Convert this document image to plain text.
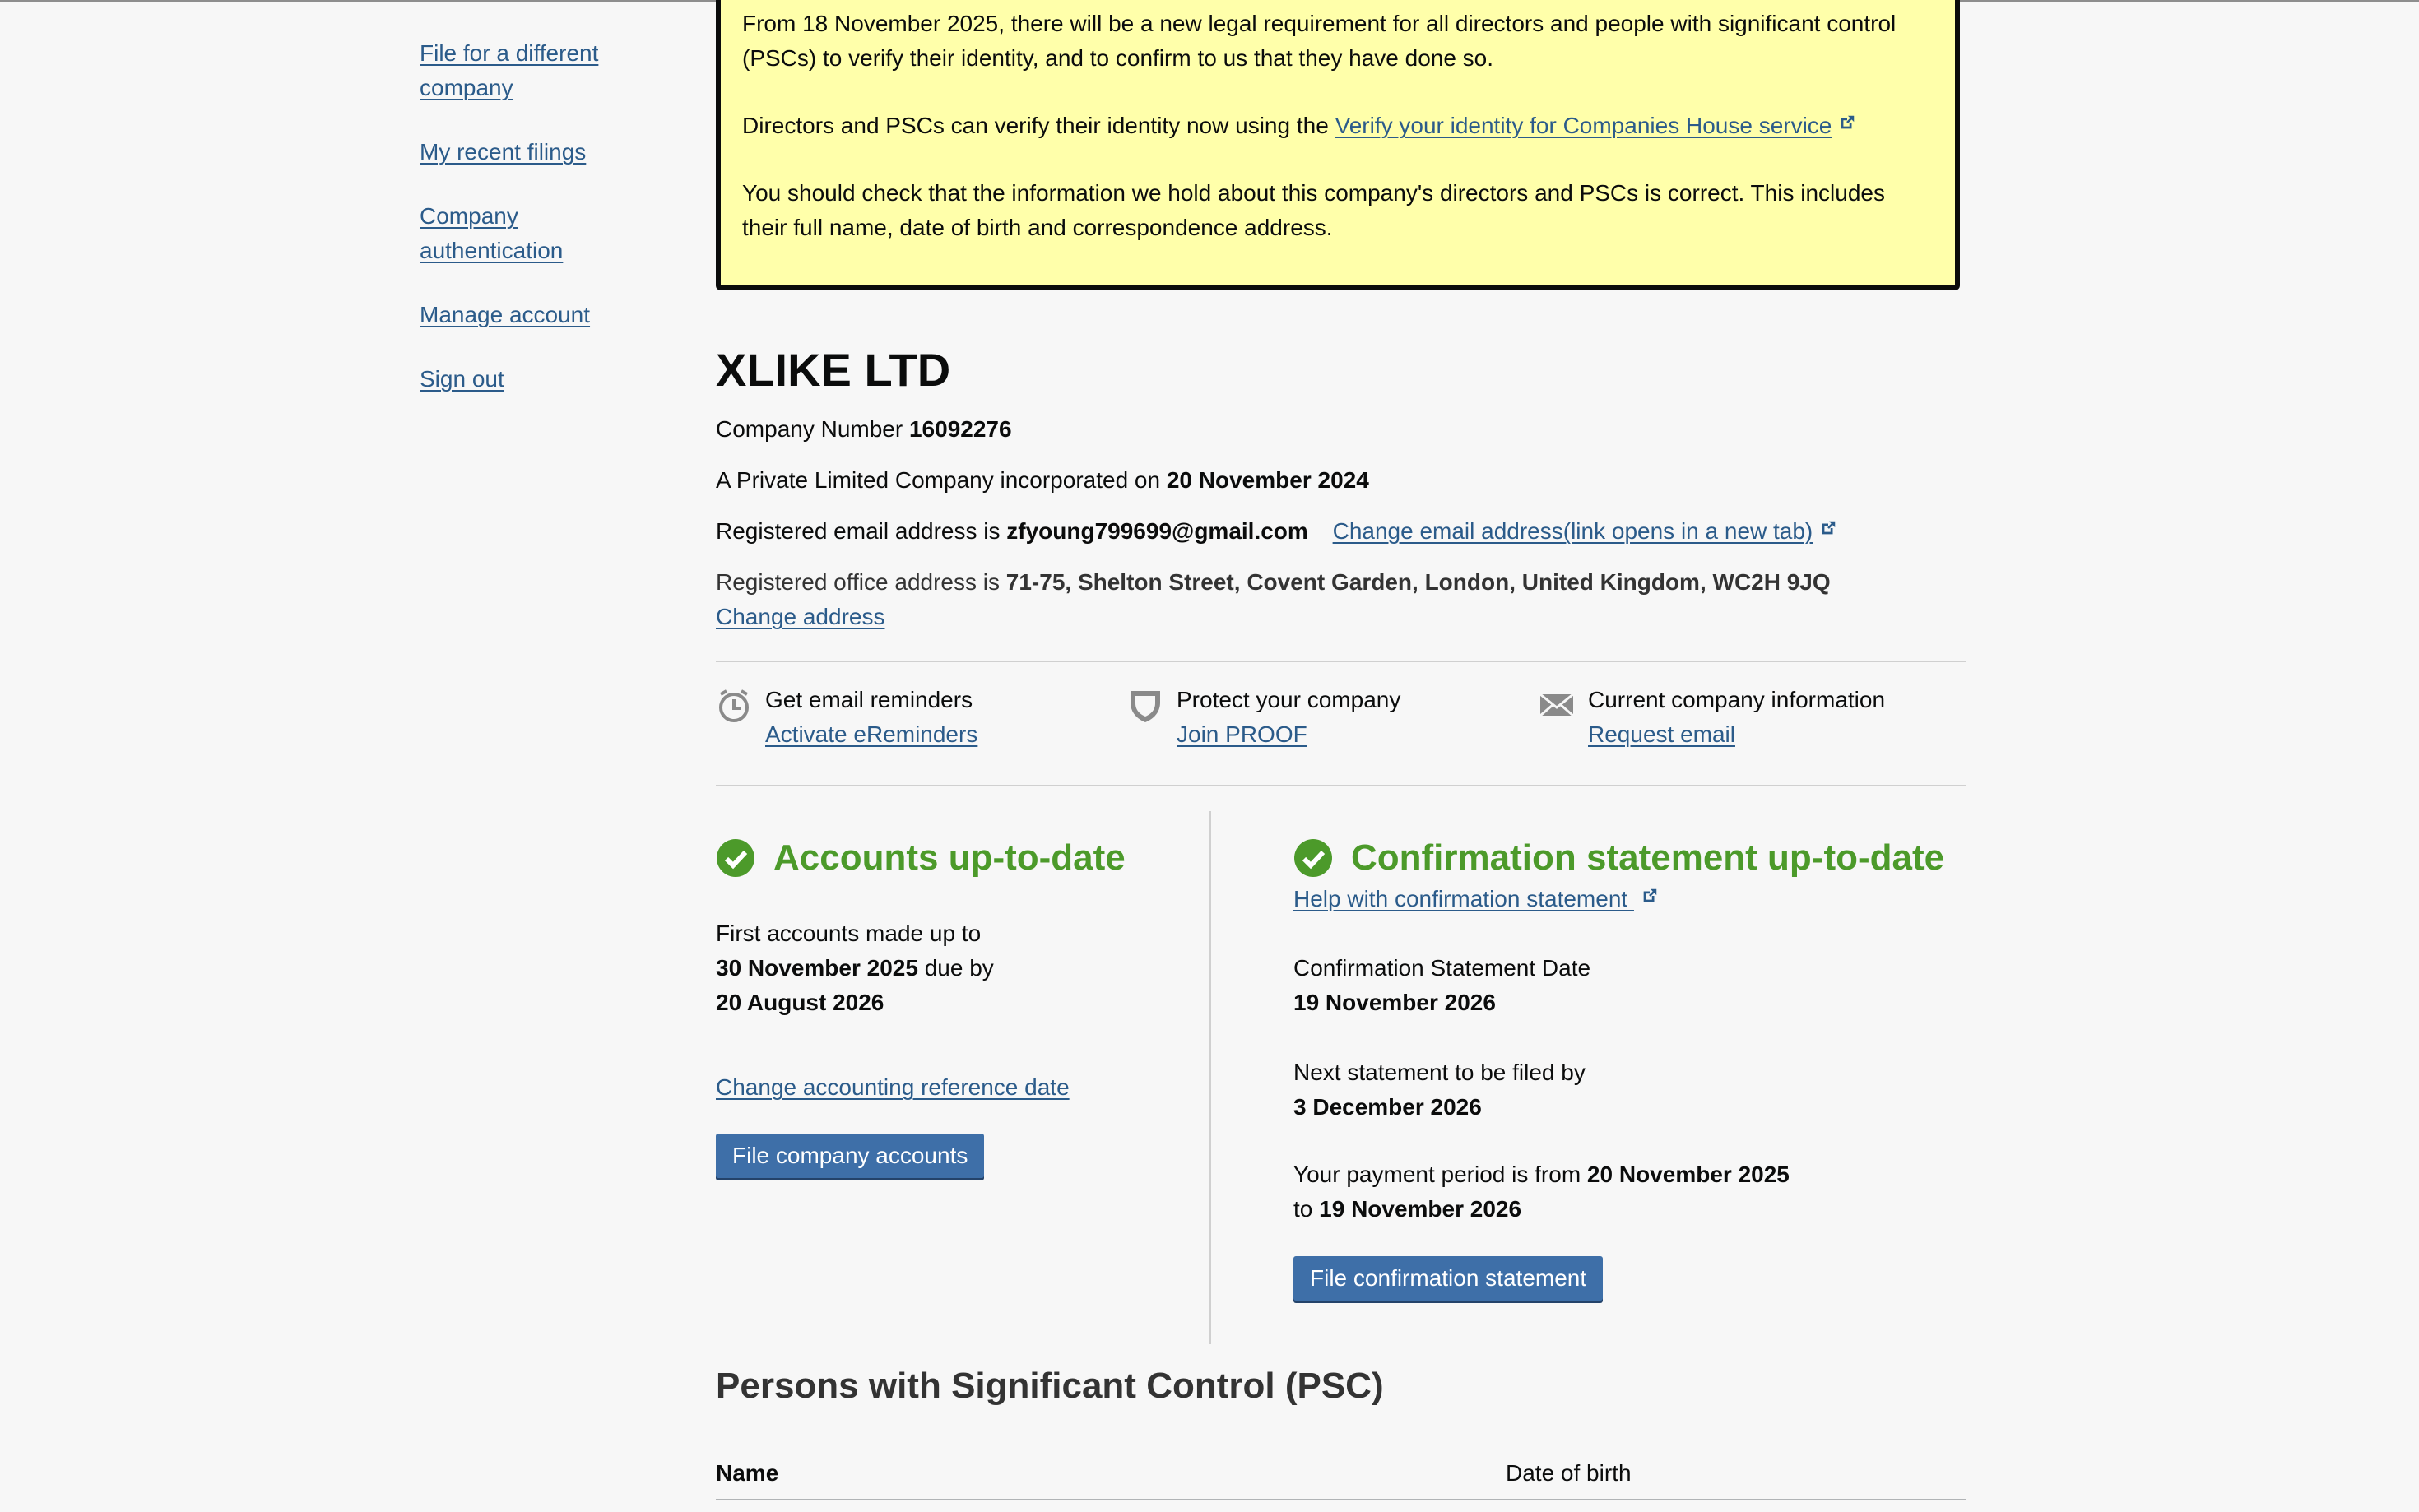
File for a different company
My recent filings
Company authentication
Manage account
Sign out

From 18 November 2025, there will be a new legal requirement for all directors and people with significant control (PSCs) to verify their identity, and to confirm to us that they have done so.

Directors and PSCs can verify their identity now using the Verify your identity for Companies House service

You should check that the information we hold about this company's directors and PSCs is correct. This includes their full name, date of birth and correspondence address.

XLIKE LTD
Company Number 16092276
A Private Limited Company incorporated on 20 November 2024
Registered email address is zfyoung799699@gmail.com Change email address(link opens in a new tab)
Registered office address is 71-75, Shelton Street, Covent Garden, London, United Kingdom, WC2H 9JQ
Change address
Get email reminders
Activate eReminders
Protect your company
Join PROOF
Current company information
Request email
Accounts up-to-date
First accounts made up to
30 November 2025 due by
20 August 2026
Change accounting reference date
File company accounts
Confirmation statement up-to-date
Help with confirmation statement
Confirmation Statement Date
19 November 2026
Next statement to be filed by
3 December 2026
Your payment period is from 20 November 2025
to 19 November 2026
File confirmation statement
Persons with Significant Control (PSC)
Name	Date of birth
